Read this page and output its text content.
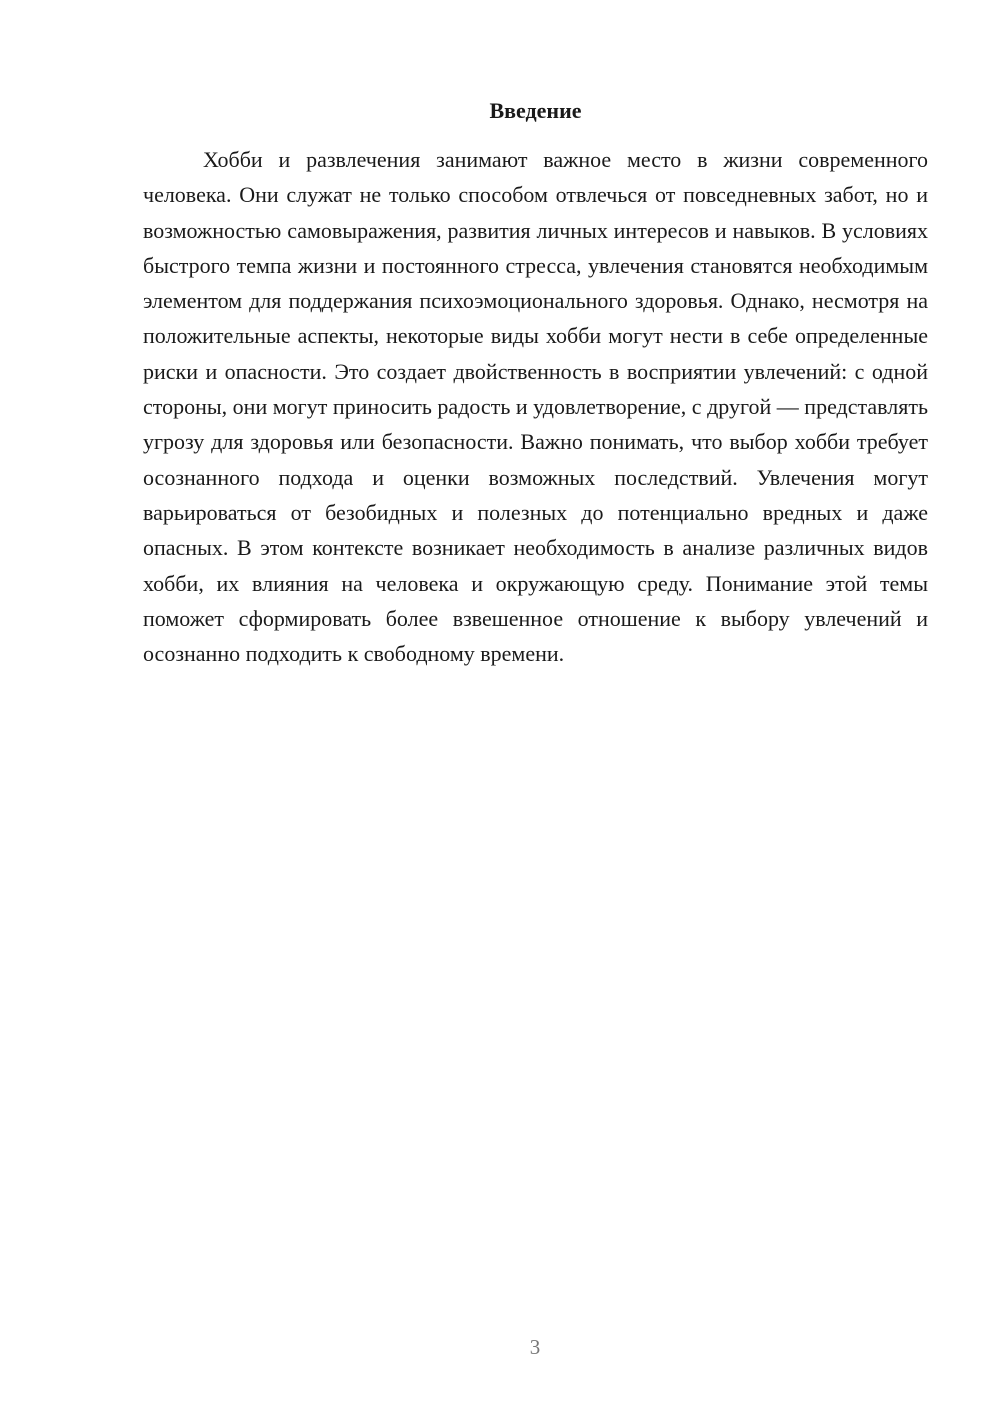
Введение

Хобби и развлечения занимают важное место в жизни современного человека. Они служат не только способом отвлечься от повседневных забот, но и возможностью самовыражения, развития личных интересов и навыков. В условиях быстрого темпа жизни и постоянного стресса, увлечения становятся необходимым элементом для поддержания психоэмоционального здоровья. Однако, несмотря на положительные аспекты, некоторые виды хобби могут нести в себе определенные риски и опасности. Это создает двойственность в восприятии увлечений: с одной стороны, они могут приносить радость и удовлетворение, с другой — представлять угрозу для здоровья или безопасности. Важно понимать, что выбор хобби требует осознанного подхода и оценки возможных последствий. Увлечения могут варьироваться от безобидных и полезных до потенциально вредных и даже опасных. В этом контексте возникает необходимость в анализе различных видов хобби, их влияния на человека и окружающую среду. Понимание этой темы поможет сформировать более взвешенное отношение к выбору увлечений и осознанно подходить к свободному времени.

3
